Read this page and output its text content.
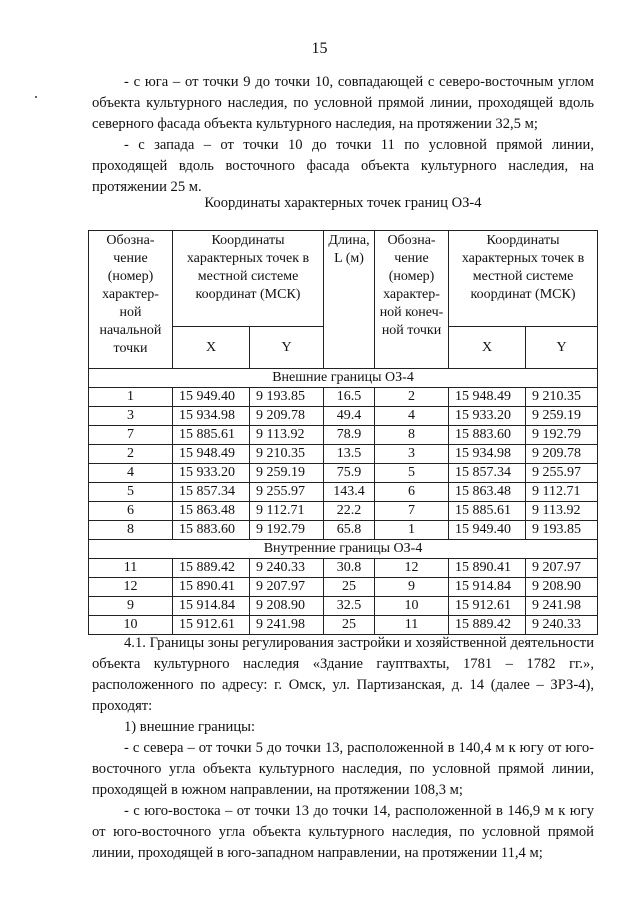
15

- с юга – от точки 9 до точки 10, совпадающей с северо-восточным углом объекта культурного наследия, по условной прямой линии, проходящей вдоль северного фасада объекта культурного наследия, на протяжении 32,5 м;

- с запада – от точки 10 до точки 11 по условной прямой линии, проходящей вдоль восточного фасада объекта культурного наследия, на протяжении 25 м.

Координаты характерных точек границ ОЗ-4
Обозна-чение (номер) характер-ной начальной точки	Координаты характерных точек в местной системе координат (МСК)		Длина, L (м)	Обозна-чение (номер) характер-ной конеч-ной точки	Координаты характерных точек в местной системе координат (МСК)	
	X	Y			X	Y
Внешние границы ОЗ-4						
1	15 949.40	9 193.85	16.5	2	15 948.49	9 210.35
3	15 934.98	9 209.78	49.4	4	15 933.20	9 259.19
7	15 885.61	9 113.92	78.9	8	15 883.60	9 192.79
2	15 948.49	9 210.35	13.5	3	15 934.98	9 209.78
4	15 933.20	9 259.19	75.9	5	15 857.34	9 255.97
5	15 857.34	9 255.97	143.4	6	15 863.48	9 112.71
6	15 863.48	9 112.71	22.2	7	15 885.61	9 113.92
8	15 883.60	9 192.79	65.8	1	15 949.40	9 193.85
Внутренние границы ОЗ-4						
11	15 889.42	9 240.33	30.8	12	15 890.41	9 207.97
12	15 890.41	9 207.97	25	9	15 914.84	9 208.90
9	15 914.84	9 208.90	32.5	10	15 912.61	9 241.98
10	15 912.61	9 241.98	25	11	15 889.42	9 240.33

4.1. Границы зоны регулирования застройки и хозяйственной деятельности объекта культурного наследия «Здание гауптвахты, 1781 – 1782 гг.», расположенного по адресу: г. Омск, ул. Партизанская, д. 14 (далее – ЗРЗ-4), проходят:

1) внешние границы:

- с севера – от точки 5 до точки 13, расположенной в 140,4 м к югу от юго-восточного угла объекта культурного наследия, по условной прямой линии, проходящей в южном направлении, на протяжении 108,3 м;

- с юго-востока – от точки 13 до точки 14, расположенной в 146,9 м к югу от юго-восточного угла объекта культурного наследия, по условной прямой линии, проходящей в юго-западном направлении, на протяжении 11,4 м;
